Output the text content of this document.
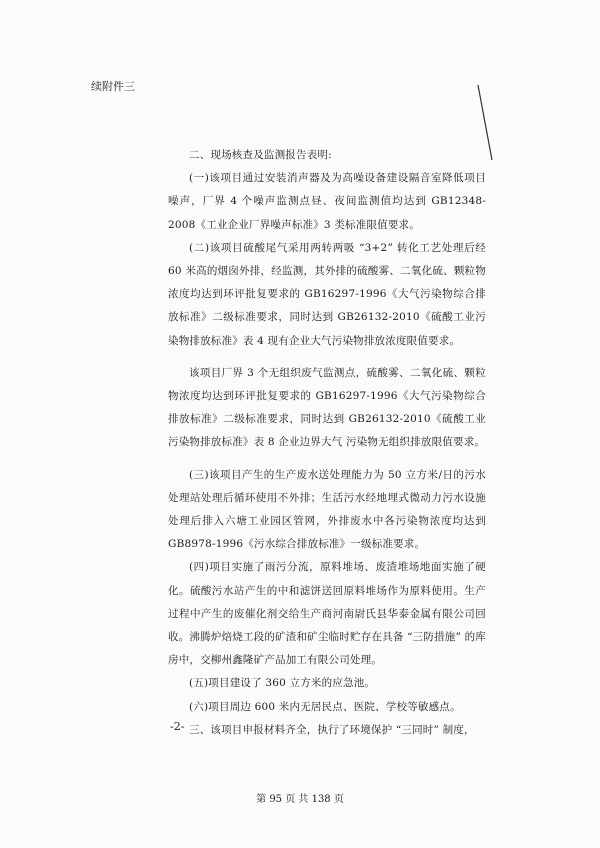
续附件三

二、现场核查及监测报告表明:

(一)该项目通过安装消声器及为高噪设备建设隔音室降低项目噪声，厂界 4 个噪声监测点昼、夜间监测值均达到 GB12348-2008《工业企业厂界噪声标准》3 类标准限值要求。

(二)该项目硫酸尾气采用两转两吸 “3+2” 转化工艺处理后经 60 米高的烟囱外排，经监测，其外排的硫酸雾、二氧化硫、颗粒物浓度均达到环评批复要求的 GB16297-1996《大气污染物综合排放标准》二级标准要求，同时达到 GB26132-2010《硫酸工业污染物排放标准》表 4 现有企业大气污染物排放浓度限值要求。

该项目厂界 3 个无组织废气监测点，硫酸雾、二氧化硫、颗粒物浓度均达到环评批复要求的 GB16297-1996《大气污染物综合排放标准》二级标准要求，同时达到 GB26132-2010《硫酸工业污染物排放标准》表 8 企业边界大气 污染物无组织排放限值要求。

(三)该项目产生的生产废水送处理能力为 50 立方米/日的污水处理站处理后循环使用不外排；生活污水经地埋式微动力污水设施处理后排入六塘工业园区管网，外排废水中各污染物浓度均达到 GB8978-1996《污水综合排放标准》一级标准要求。

(四)项目实施了雨污分流，原料堆场、废渣堆场地面实施了硬化。硫酸污水站产生的中和滤饼送回原料堆场作为原料使用。生产过程中产生的废催化剂交给生产商河南尉氏县华泰金属有限公司回收。沸腾炉焙烧工段的矿渣和矿尘临时贮存在具备 “三防措施” 的库房中，交柳州鑫隆矿产品加工有限公司处理。

(五)项目建设了 360 立方米的应急池。

(六)项目周边 600 米内无居民点、医院、学校等敏感点。

三、该项目申报材料齐全，执行了环境保护 “三同时” 制度，

-2-
第 95 页 共 138 页
